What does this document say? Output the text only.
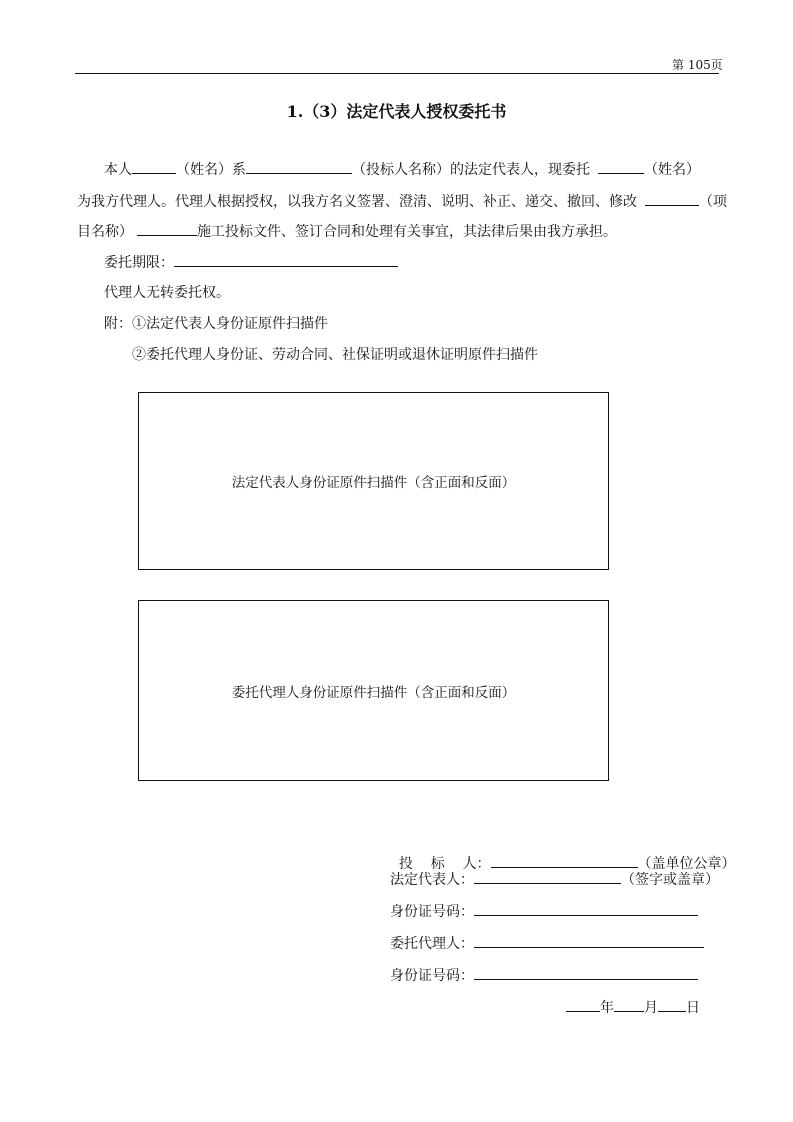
第 105页
1.（3）法定代表人授权委托书
本人	（姓名）系	（投标人名称）的法定代表人，现委托	（姓名）
为我方代理人。代理人根据授权，以我方名义签署、澄清、说明、补正、递交、撤回、修改	（项
目名称）	施工投标文件、签订合同和处理有关事宜，其法律后果由我方承担。
委托期限：
代理人无转委托权。
附：①法定代表人身份证原件扫描件
②委托代理人身份证、劳动合同、社保证明或退休证明原件扫描件
法定代表人身份证原件扫描件（含正面和反面）
委托代理人身份证原件扫描件（含正面和反面）

投    标    人：	（盖单位公章）

法定代表人：	（签字或盖章）
身份证号码：
委托代理人：
身份证号码：
年 月 日
